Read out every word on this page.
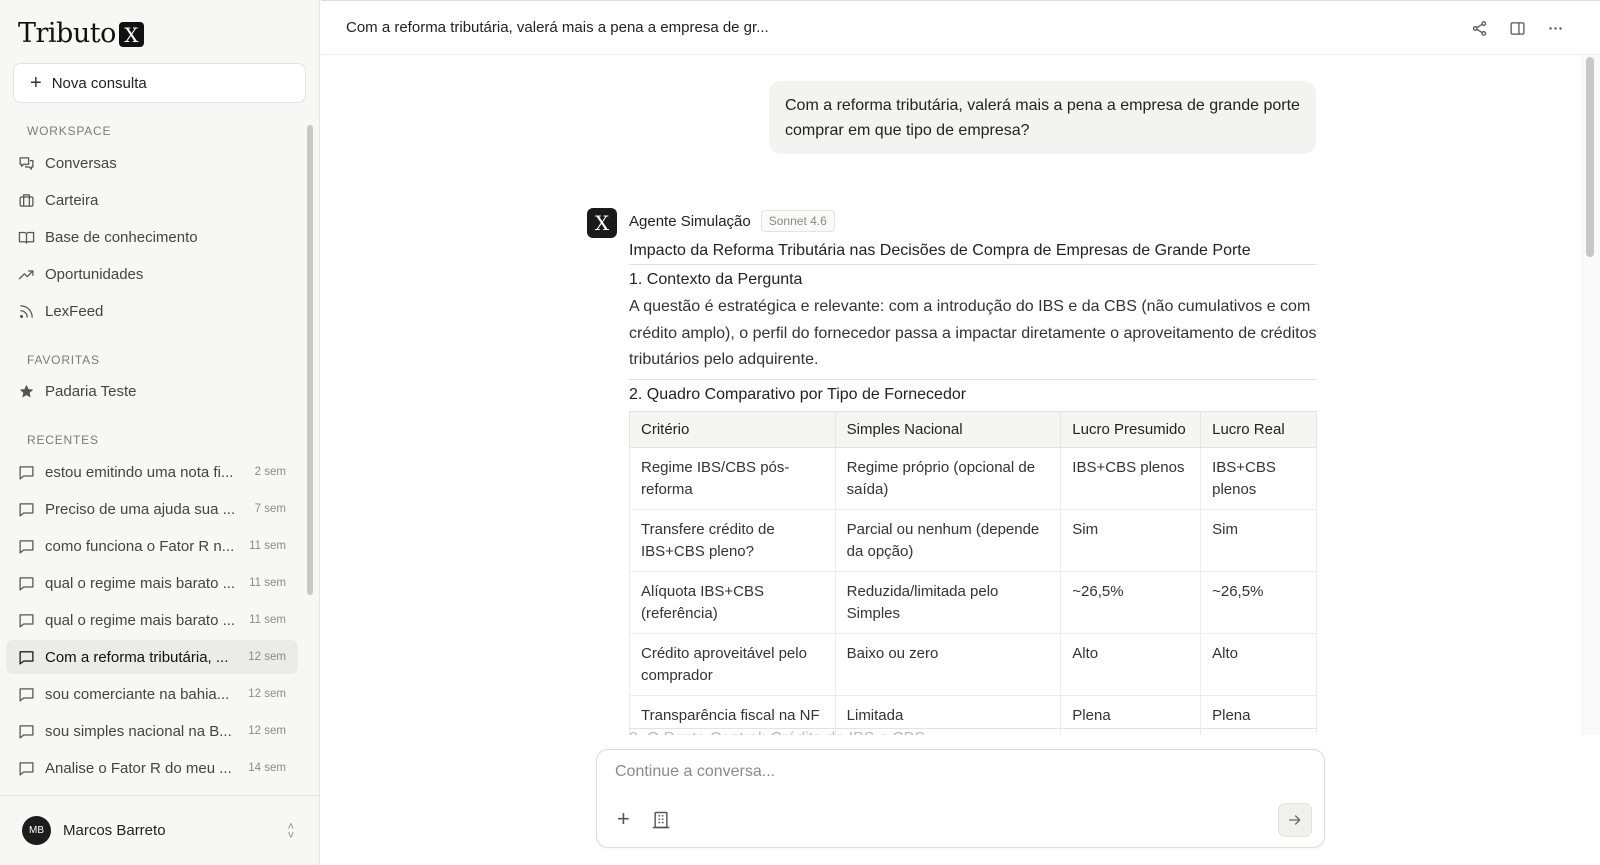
Tributo X
+ Nova consulta
WORKSPACE
Conversas
Carteira
Base de conhecimento
Oportunidades
LexFeed
FAVORITAS
Padaria Teste
RECENTES
estou emitindo uma nota fi...	2 sem
Preciso de uma ajuda sua ...	7 sem
como funciona o Fator R n...	11 sem
qual o regime mais barato ...	11 sem
qual o regime mais barato ...	11 sem
Com a reforma tributária, ...	12 sem
sou comerciante na bahia...	12 sem
sou simples nacional na B...	12 sem
Analise o Fator R do meu ...	14 sem
MB	Marcos Barreto	˄
˅
Com a reforma tributária, valerá mais a pena a empresa de gr...
Com a reforma tributária, valerá mais a pena a empresa de grande porte comprar em que tipo de empresa?
X	Agente Simulação	Sonnet 4.6
Impacto da Reforma Tributária nas Decisões de Compra de Empresas de Grande Porte
1. Contexto da Pergunta
A questão é estratégica e relevante: com a introdução do IBS e da CBS (não cumulativos e com crédito amplo), o perfil do fornecedor passa a impactar diretamente o aproveitamento de créditos tributários pelo adquirente.
2. Quadro Comparativo por Tipo de Fornecedor
Critério	Simples Nacional	Lucro Presumido	Lucro Real
Regime IBS/CBS pós-reforma	Regime próprio (opcional de saída)	IBS+CBS plenos	IBS+CBS plenos
Transfere crédito de IBS+CBS pleno?	Parcial ou nenhum (depende da opção)	Sim	Sim
Alíquota IBS+CBS (referência)	Reduzida/limitada pelo Simples	~26,5%	~26,5%
Crédito aproveitável pelo comprador	Baixo ou zero	Alto	Alto
Transparência fiscal na NF	Limitada	Plena	Plena
Continue a conversa...
+
